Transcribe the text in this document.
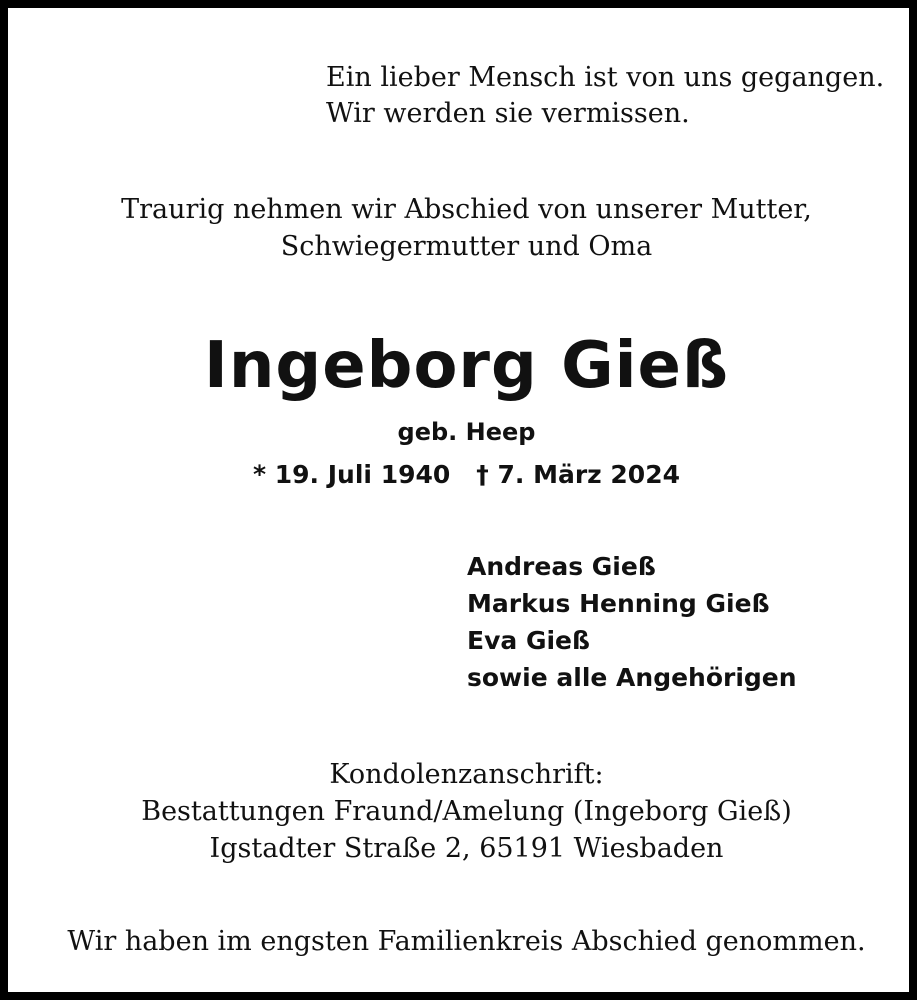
Ein lieber Mensch ist von uns gegangen.
Wir werden sie vermissen.
Traurig nehmen wir Abschied von unserer Mutter,
Schwiegermutter und Oma
Ingeborg Gieß
geb. Heep
* 19. Juli 1940 † 7. März 2024
Andreas Gieß
Markus Henning Gieß
Eva Gieß
sowie alle Angehörigen
Kondolenzanschrift:
Bestattungen Fraund/Amelung (Ingeborg Gieß)
Igstadter Straße 2, 65191 Wiesbaden
Wir haben im engsten Familienkreis Abschied genommen.
